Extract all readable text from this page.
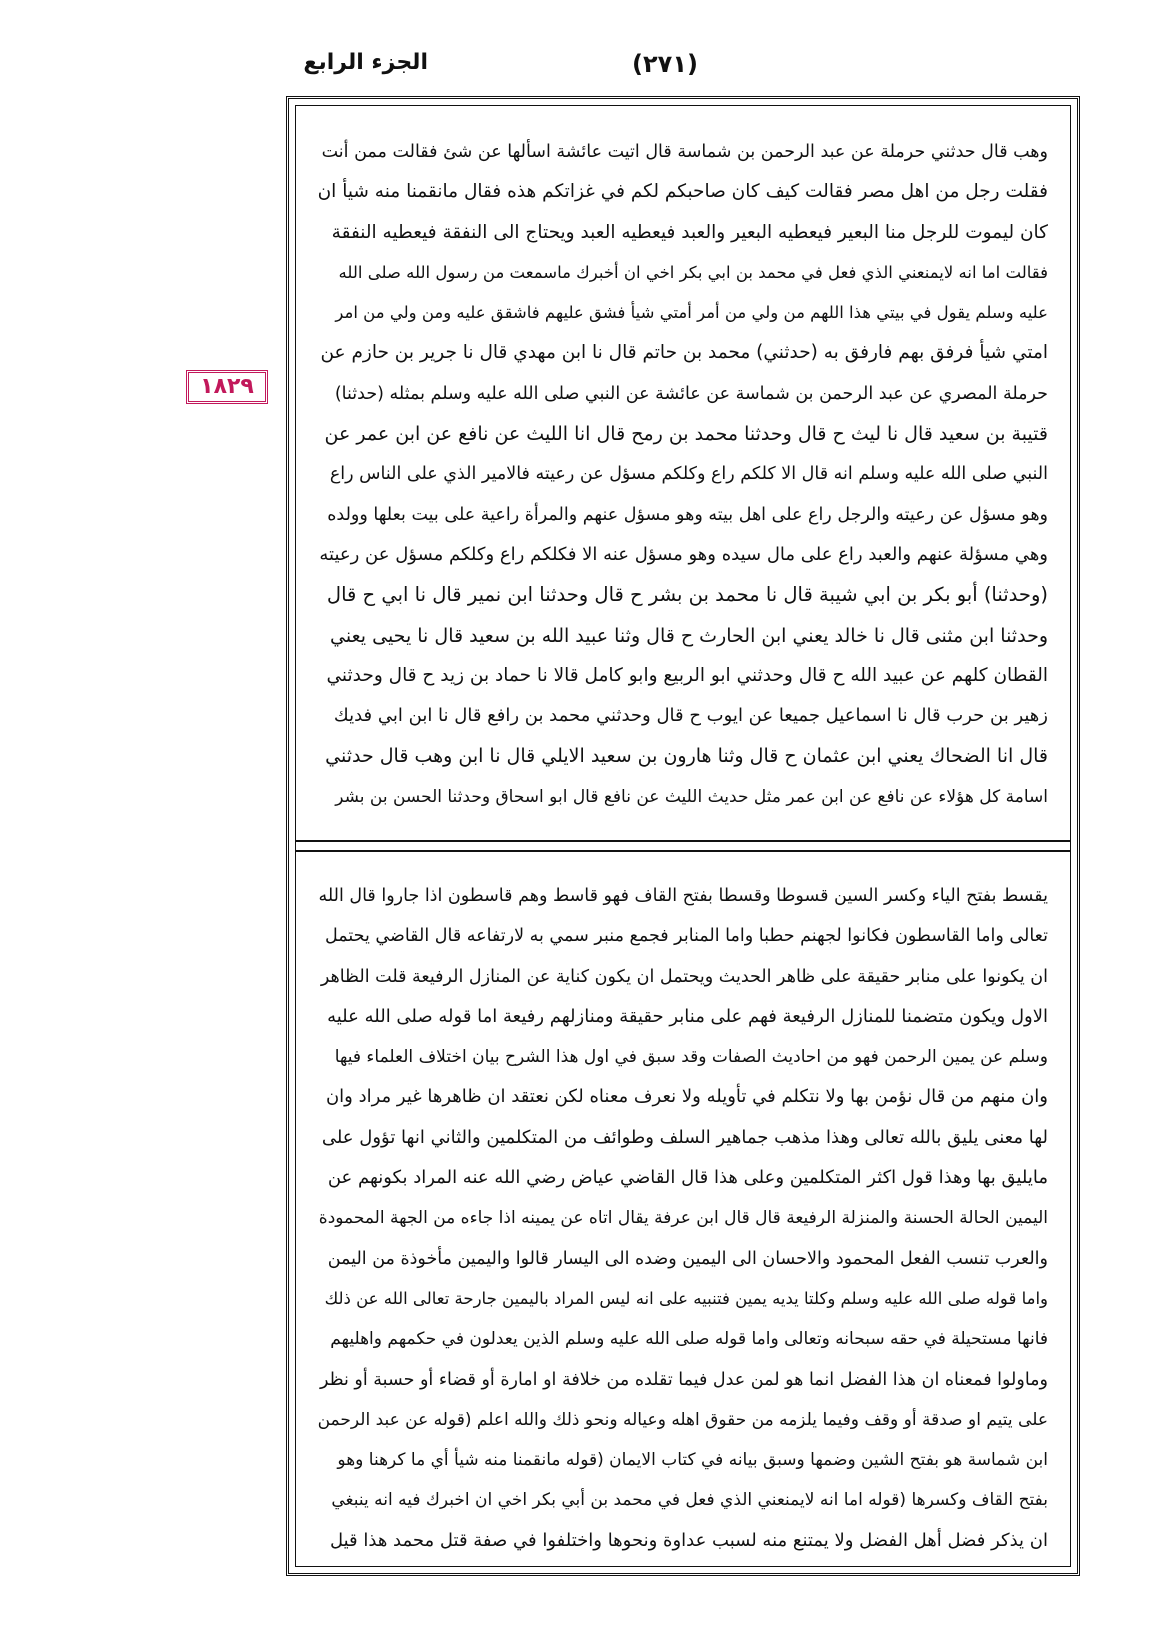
الجزء الرابع	(٢٧١)
١٨٢٩
وهب قال حدثني حرملة عن عبد الرحمن بن شماسة قال اتيت عائشة اسألها عن شئ فقالت ممن أنت
فقلت رجل من اهل مصر فقالت كيف كان صاحبكم لكم في غزاتكم هذه فقال مانقمنا منه شيأ ان
كان ليموت للرجل منا البعير فيعطيه البعير والعبد فيعطيه العبد ويحتاج الى النفقة فيعطيه النفقة
فقالت اما انه لايمنعني الذي فعل في محمد بن ابي بكر اخي ان أخبرك ماسمعت من رسول الله صلى الله
عليه وسلم يقول في بيتي هذا اللهم من ولي من أمر أمتي شيأ فشق عليهم فاشقق عليه ومن ولي من امر
امتي شيأ فرفق بهم فارفق به (حدثني) محمد بن حاتم قال نا ابن مهدي قال نا جرير بن حازم عن
حرملة المصري عن عبد الرحمن بن شماسة عن عائشة عن النبي صلى الله عليه وسلم بمثله (حدثنا)
قتيبة بن سعيد قال نا ليث ح قال وحدثنا محمد بن رمح قال انا الليث عن نافع عن ابن عمر عن
النبي صلى الله عليه وسلم انه قال الا كلكم راع وكلكم مسؤل عن رعيته فالامير الذي على الناس راع
وهو مسؤل عن رعيته والرجل راع على اهل بيته وهو مسؤل عنهم والمرأة راعية على بيت بعلها وولده
وهي مسؤلة عنهم والعبد راع على مال سيده وهو مسؤل عنه الا فكلكم راع وكلكم مسؤل عن رعيته
(وحدثنا) أبو بكر بن ابي شيبة قال نا محمد بن بشر ح قال وحدثنا ابن نمير قال نا ابي ح قال
وحدثنا ابن مثنى قال نا خالد يعني ابن الحارث ح قال وثنا عبيد الله بن سعيد قال نا يحيى يعني
القطان كلهم عن عبيد الله ح قال وحدثني ابو الربيع وابو كامل قالا نا حماد بن زيد ح قال وحدثني
زهير بن حرب قال نا اسماعيل جميعا عن ايوب ح قال وحدثني محمد بن رافع قال نا ابن ابي فديك
قال انا الضحاك يعني ابن عثمان ح قال وثنا هارون بن سعيد الايلي قال نا ابن وهب قال حدثني
اسامة كل هؤلاء عن نافع عن ابن عمر مثل حديث الليث عن نافع قال ابو اسحاق وحدثنا الحسن بن بشر
يقسط بفتح الياء وكسر السين قسوطا وقسطا بفتح القاف فهو قاسط وهم قاسطون اذا جاروا قال الله
تعالى واما القاسطون فكانوا لجهنم حطبا واما المنابر فجمع منبر سمي به لارتفاعه قال القاضي يحتمل
ان يكونوا على منابر حقيقة على ظاهر الحديث ويحتمل ان يكون كناية عن المنازل الرفيعة قلت الظاهر
الاول ويكون متضمنا للمنازل الرفيعة فهم على منابر حقيقة ومنازلهم رفيعة اما قوله صلى الله عليه
وسلم عن يمين الرحمن فهو من احاديث الصفات وقد سبق في اول هذا الشرح بيان اختلاف العلماء فيها
وان منهم من قال نؤمن بها ولا نتكلم في تأويله ولا نعرف معناه لكن نعتقد ان ظاهرها غير مراد وان
لها معنى يليق بالله تعالى وهذا مذهب جماهير السلف وطوائف من المتكلمين والثاني انها تؤول على
مايليق بها وهذا قول اكثر المتكلمين وعلى هذا قال القاضي عياض رضي الله عنه المراد بكونهم عن
اليمين الحالة الحسنة والمنزلة الرفيعة قال قال ابن عرفة يقال اتاه عن يمينه اذا جاءه من الجهة المحمودة
والعرب تنسب الفعل المحمود والاحسان الى اليمين وضده الى اليسار قالوا واليمين مأخوذة من اليمن
واما قوله صلى الله عليه وسلم وكلتا يديه يمين فتنبيه على انه ليس المراد باليمين جارحة تعالى الله عن ذلك
فانها مستحيلة في حقه سبحانه وتعالى واما قوله صلى الله عليه وسلم الذين يعدلون في حكمهم واهليهم
وماولوا فمعناه ان هذا الفضل انما هو لمن عدل فيما تقلده من خلافة او امارة أو قضاء أو حسبة أو نظر
على يتيم او صدقة أو وقف وفيما يلزمه من حقوق اهله وعياله ونحو ذلك والله اعلم (قوله عن عبد الرحمن
ابن شماسة هو بفتح الشين وضمها وسبق بيانه في كتاب الايمان (قوله مانقمنا منه شيأ أي ما كرهنا وهو
بفتح القاف وكسرها (قوله اما انه لايمنعني الذي فعل في محمد بن أبي بكر اخي ان اخبرك فيه انه ينبغي
ان يذكر فضل أهل الفضل ولا يمتنع منه لسبب عداوة ونحوها واختلفوا في صفة قتل محمد هذا قيل
